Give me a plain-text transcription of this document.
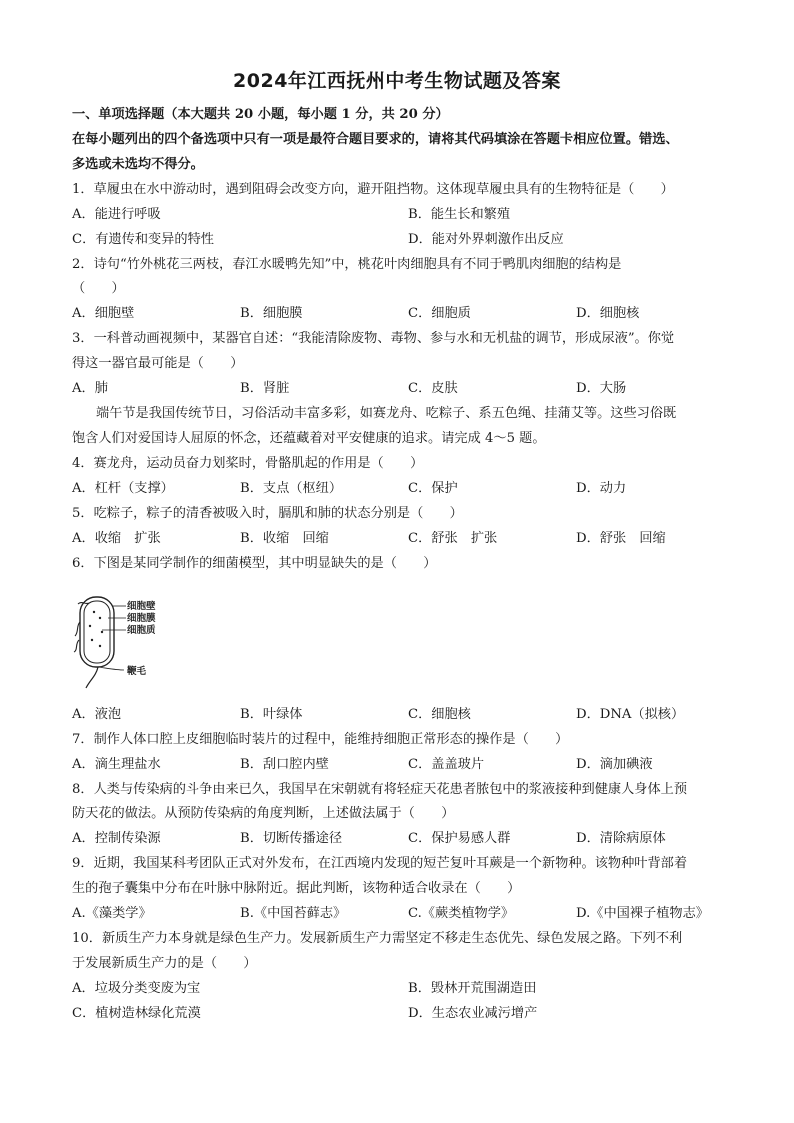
2024年江西抚州中考生物试题及答案
一、单项选择题（本大题共 20 小题，每小题 1 分，共 20 分）
在每小题列出的四个备选项中只有一项是最符合题目要求的，请将其代码填涂在答题卡相应位置。错选、
多选或未选均不得分。
1．草履虫在水中游动时，遇到阻碍会改变方向，避开阻挡物。这体现草履虫具有的生物特征是（　　）
A．能进行呼吸	B．能生长和繁殖
C．有遗传和变异的特性	D．能对外界刺激作出反应
2．诗句“竹外桃花三两枝，春江水暖鸭先知”中，桃花叶肉细胞具有不同于鸭肌肉细胞的结构是
（　　）
A．细胞壁	B．细胞膜	C．细胞质	D．细胞核
3．一科普动画视频中，某器官自述：“我能清除废物、毒物、参与水和无机盐的调节，形成尿液”。你觉
得这一器官最可能是（　　）
A．肺	B．肾脏	C．皮肤	D．大肠
端午节是我国传统节日，习俗活动丰富多彩，如赛龙舟、吃粽子、系五色绳、挂蒲艾等。这些习俗既
饱含人们对爱国诗人屈原的怀念，还蕴藏着对平安健康的追求。请完成 4～5 题。
4．赛龙舟，运动员奋力划桨时，骨骼肌起的作用是（　　）
A．杠杆（支撑）	B．支点（枢纽）	C．保护	D．动力
5．吃粽子，粽子的清香被吸入时，膈肌和肺的状态分别是（　　）
A．收缩　扩张	B．收缩　回缩	C．舒张　扩张	D．舒张　回缩
6．下图是某同学制作的细菌模型，其中明显缺失的是（　　）
细胞壁
细胞膜
细胞质
鞭毛
A．液泡	B．叶绿体	C．细胞核	D．DNA（拟核）
7．制作人体口腔上皮细胞临时装片的过程中，能维持细胞正常形态的操作是（　　）
A．滴生理盐水	B．刮口腔内壁	C．盖盖玻片	D．滴加碘液
8．人类与传染病的斗争由来已久，我国早在宋朝就有将轻症天花患者脓包中的浆液接种到健康人身体上预
防天花的做法。从预防传染病的角度判断，上述做法属于（　　）
A．控制传染源	B．切断传播途径	C．保护易感人群	D．清除病原体
9．近期，我国某科考团队正式对外发布，在江西境内发现的短芒复叶耳蕨是一个新物种。该物种叶背部着
生的孢子囊集中分布在叶脉中脉附近。据此判断，该物种适合收录在（　　）
A.《藻类学》	B.《中国苔藓志》	C.《蕨类植物学》	D.《中国裸子植物志》
10．新质生产力本身就是绿色生产力。发展新质生产力需坚定不移走生态优先、绿色发展之路。下列不利
于发展新质生产力的是（　　）
A．垃圾分类变废为宝	B．毁林开荒围湖造田
C．植树造林绿化荒漠	D．生态农业减污增产
